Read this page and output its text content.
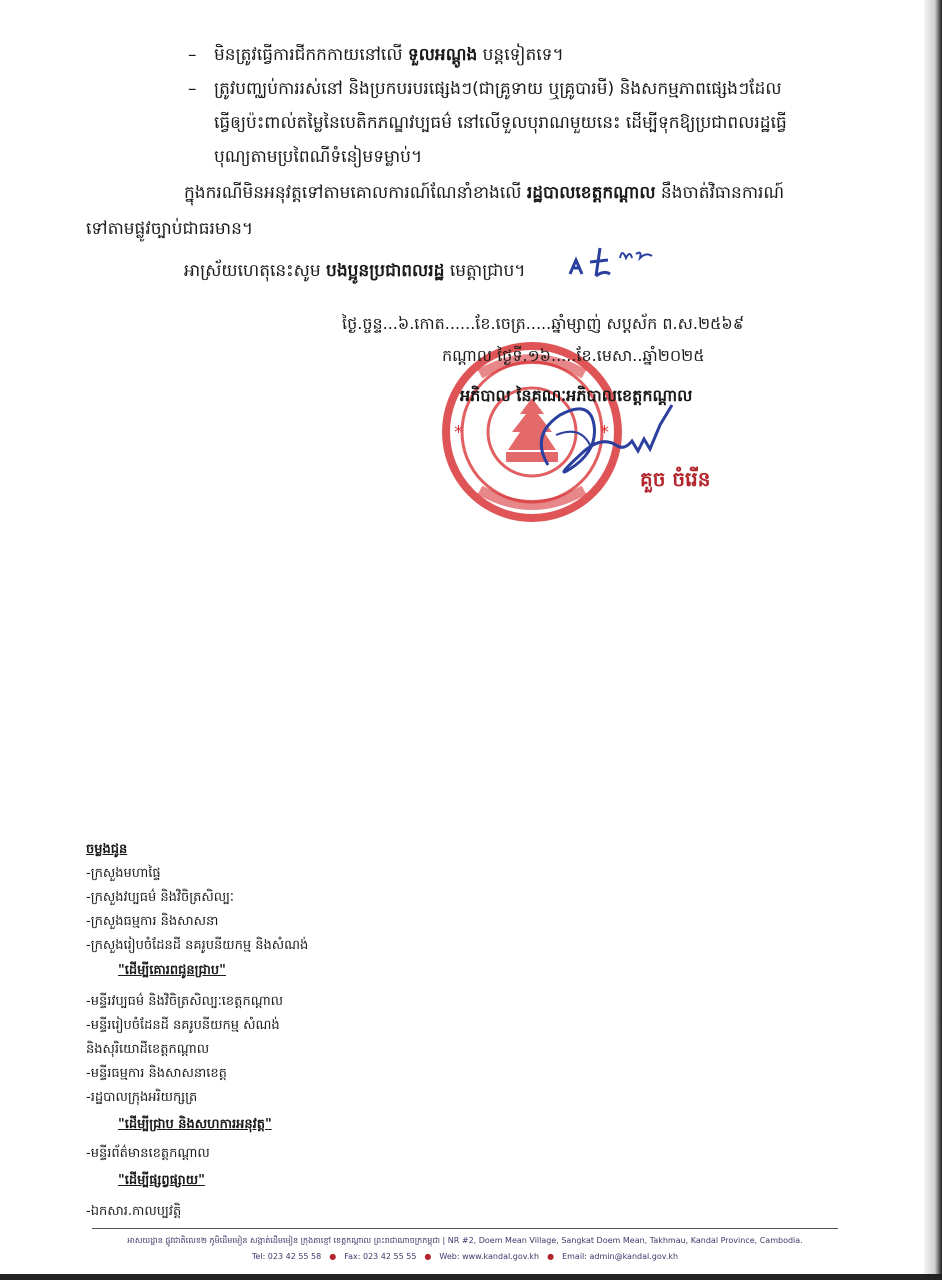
– មិនត្រូវធ្វើការជីកកកាយនៅលើ ទួលអណ្តូង បន្តទៀតទេ។
– ត្រូវបញ្ឈប់ការរស់នៅ និងប្រកបរបរផ្សេងៗ(ជាគ្រូទាយ ឬគ្រូបារមី) និងសកម្មភាពផ្សេងៗដែល
ធ្វើឲ្យប៉ះពាល់តម្លៃនៃបេតិកភណ្ឌវប្បធម៌ នៅលើទួលបុរាណមួយនេះ ដើម្បីទុកឱ្យប្រជាពលរដ្ឋធ្វើ
បុណ្យតាមប្រពៃណីទំនៀមទម្លាប់។
ក្នុងករណីមិនអនុវត្តទៅតាមគោលការណ៍ណែនាំខាងលើ រដ្ឋបាលខេត្តកណ្តាល នឹងចាត់វិធានការណ៍
ទៅតាមផ្លូវច្បាប់ជាធរមាន។
អាស្រ័យហេតុនេះសូម បងប្អូនប្រជាពលរដ្ឋ មេត្តាជ្រាប។
*	*
ថ្ងៃ.ច្ចន្ទ...៦.កោត......ខែ.ចេត្រ.....ឆ្នាំម្សាញ់ សប្តស័ក ព.ស.២៥៦៩
កណ្តាល ថ្ងៃទី.១៦.....ខែ.មេសា..ឆ្នាំ២០២៥
អភិបាល នៃគណៈអភិបាលខេត្តកណ្តាល
គួច ចំរើន
ចម្លងជូន
-ក្រសួងមហាផ្ទៃ
-ក្រសួងវប្បធម៌ និងវិចិត្រសិល្បៈ
-ក្រសួងធម្មការ និងសាសនា
-ក្រសួងរៀបចំដែនដី នគរូបនីយកម្ម និងសំណង់
"ដើម្បីគោរពជូនជ្រាប"
-មន្ទីរវប្បធម៌ និងវិចិត្រសិល្បៈខេត្តកណ្តាល
-មន្ទីររៀបចំដែនដី នគរូបនីយកម្ម សំណង់
និងសុរិយោដីខេត្តកណ្តាល
-មន្ទីរធម្មការ និងសាសនាខេត្ត
-រដ្ឋបាលក្រុងអរិយក្សត្រ
"ដើម្បីជ្រាប និងសហការអនុវត្ត"
-មន្ទីរព័ត៌មានខេត្តកណ្តាល
"ដើម្បីផ្សព្វផ្សាយ"
-ឯកសារ.កាលប្បវត្តិ
អាសយដ្ឋាន ផ្លូវជាតិលេខ២ ភូមិដើមមៀន សង្កាត់ដើមមៀន ក្រុងតាខ្មៅ ខេត្តកណ្តាល ព្រះរាជាណាចក្រកម្ពុជា | NR #2, Doem Mean Village, Sangkat Doem Mean, Takhmau, Kandal Province, Cambodia.
Tel: 023 42 55 58 ● Fax: 023 42 55 55 ● Web: www.kandal.gov.kh ● Email: admin@kandal.gov.kh
